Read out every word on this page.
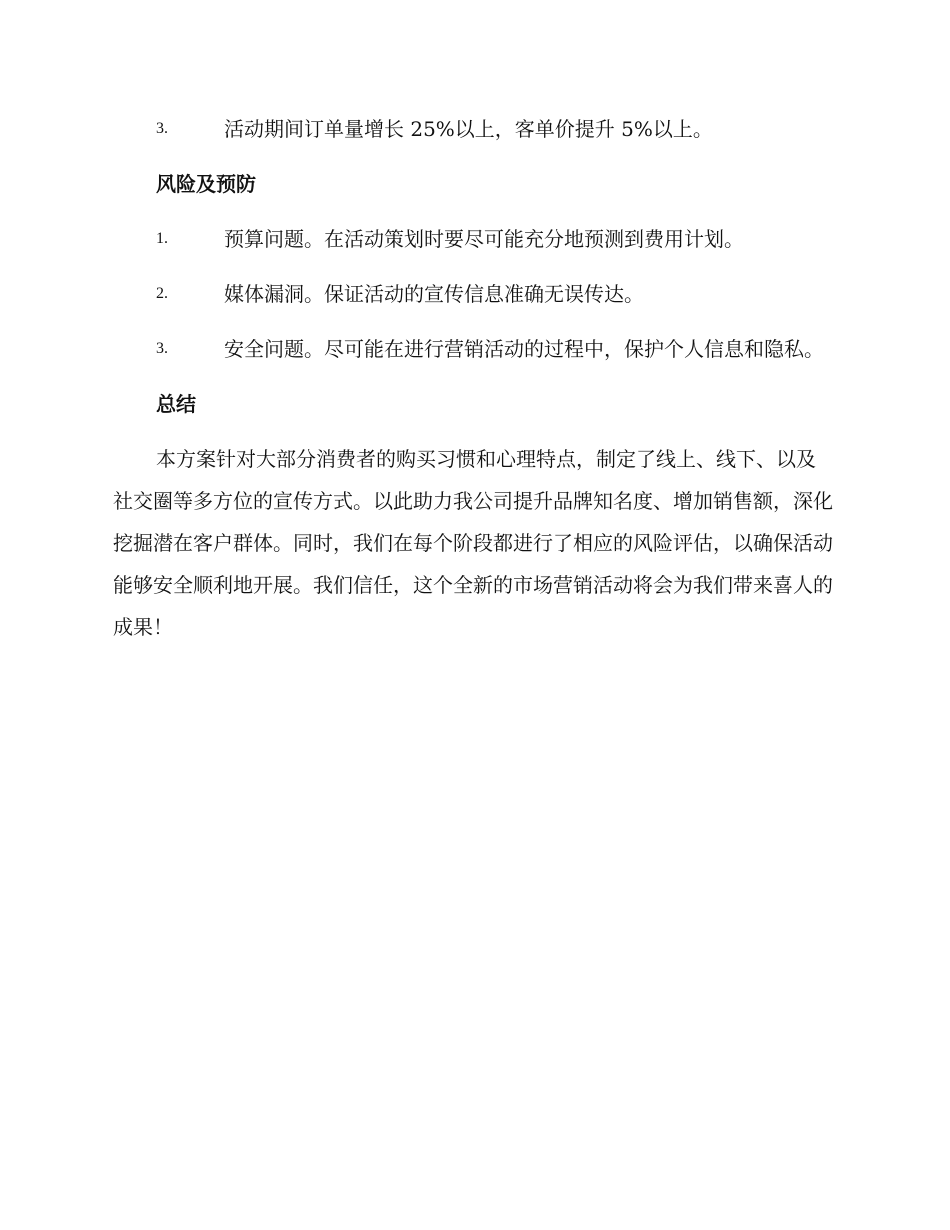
3.	活动期间订单量增长 25%以上，客单价提升 5%以上。
风险及预防
1.	预算问题。在活动策划时要尽可能充分地预测到费用计划。
2.	媒体漏洞。保证活动的宣传信息准确无误传达。
3.	安全问题。尽可能在进行营销活动的过程中，保护个人信息和隐私。
总结
本方案针对大部分消费者的购买习惯和心理特点，制定了线上、线下、以及社交圈等多方位的宣传方式。以此助力我公司提升品牌知名度、增加销售额，深化挖掘潜在客户群体。同时，我们在每个阶段都进行了相应的风险评估，以确保活动能够安全顺利地开展。我们信任，这个全新的市场营销活动将会为我们带来喜人的成果！
